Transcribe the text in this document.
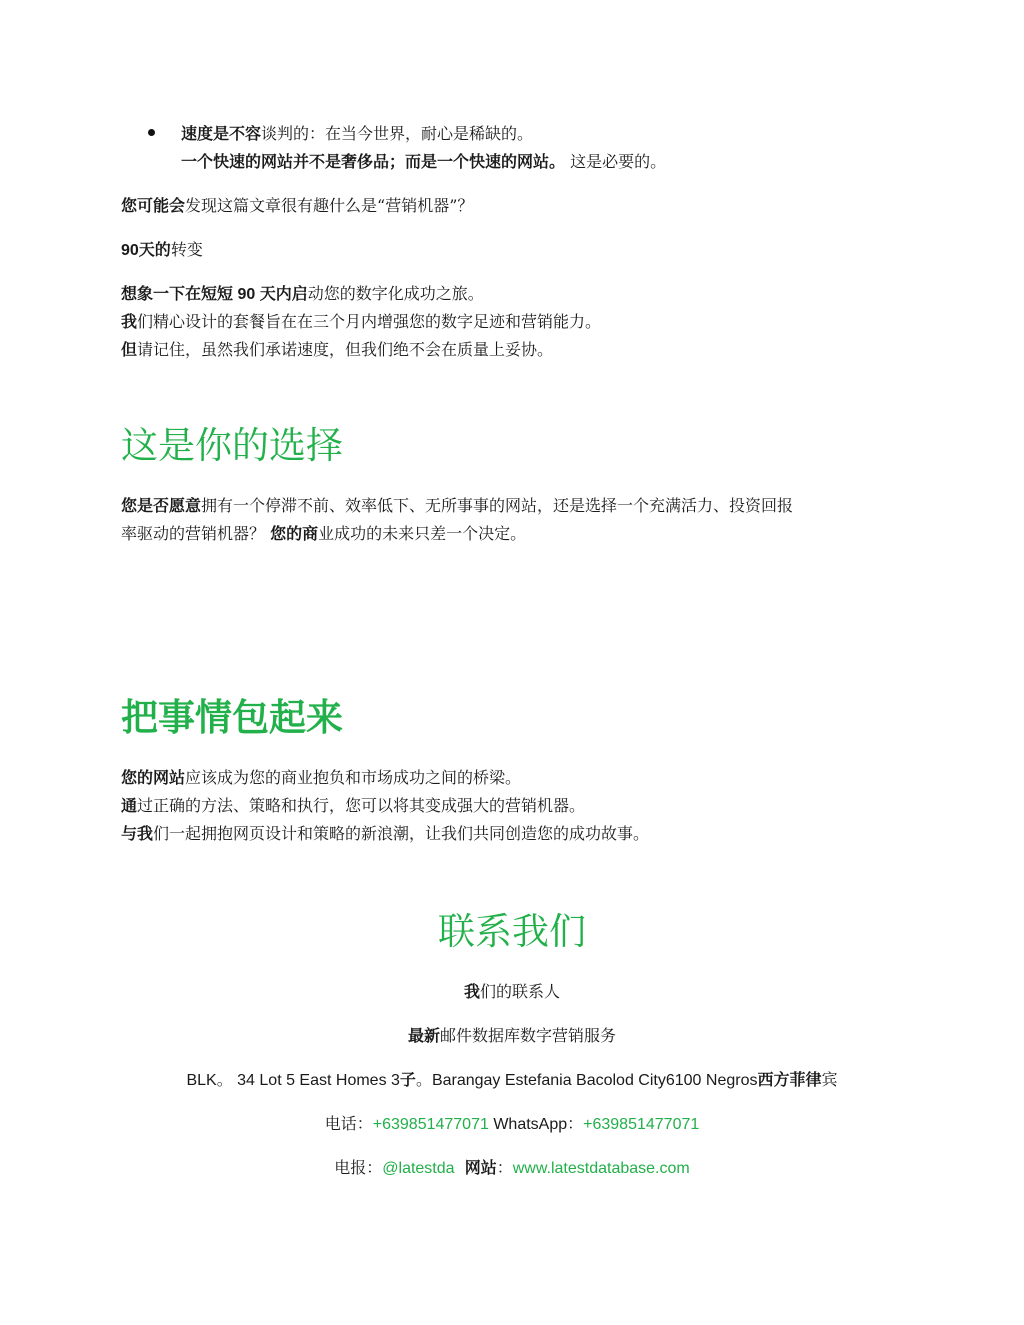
速度是不容谈判的：在当今世界，耐心是稀缺的。
一个快速的网站并不是奢侈品；而是一个快速的网站。 这是必要的。
您可能会发现这篇文章很有趣什么是“营销机器”？
90天的转变
想象一下在短短 90 天内启动您的数字化成功之旅。
我们精心设计的套餐旨在在三个月内增强您的数字足迹和营销能力。
但请记住，虽然我们承诺速度，但我们绝不会在质量上妥协。
这是你的选择
您是否愿意拥有一个停滞不前、效率低下、无所事事的网站，还是选择一个充满活力、投资回报
率驱动的营销机器？ 您的商业成功的未来只差一个决定。
把事情包起来
您的网站应该成为您的商业抱负和市场成功之间的桥梁。
通过正确的方法、策略和执行，您可以将其变成强大的营销机器。
与我们一起拥抱网页设计和策略的新浪潮，让我们共同创造您的成功故事。
联系我们
我们的联系人
最新邮件数据库数字营销服务
BLK。 34 Lot 5 East Homes 3子。Barangay Estefania Bacolod City6100 Negros西方菲律宾
电话：+639851477071 WhatsApp：+639851477071
电报：@latestda 网站：www.latestdatabase.com
